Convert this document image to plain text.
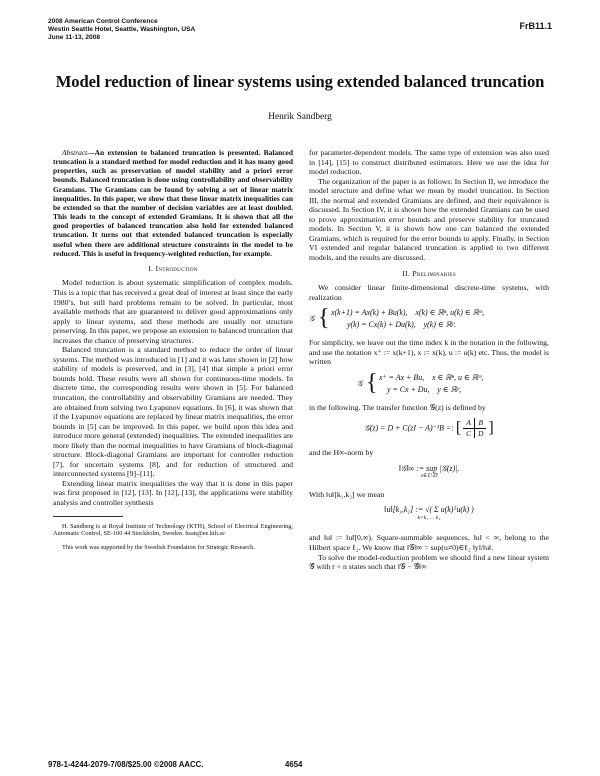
2008 American Control Conference
Westin Seattle Hotel, Seattle, Washington, USA
June 11-13, 2008
FrB11.1
Model reduction of linear systems using extended balanced truncation
Henrik Sandberg

Abstract—An extension to balanced truncation is presented. Balanced truncation is a standard method for model reduction and it has many good properties, such as preservation of model stability and a priori error bounds. Balanced truncation is done using controllability and observability Gramians. The Gramians can be found by solving a set of linear matrix inequalities. In this paper, we show that these linear matrix inequalities can be extended so that the number of decision variables are at least doubled. This leads to the concept of extended Gramians. It is shown that all the good properties of balanced truncation also hold for extended balanced truncation. It turns out that extended balanced truncation is especially useful when there are additional structure constraints in the model to be reduced. This is useful in frequency-weighted reduction, for example.

I. Introduction

Model reduction is about systematic simplification of complex models. This is a topic that has received a great deal of interest at least since the early 1980’s, but still hard problems remain to be solved. In particular, most available methods that are guaranteed to deliver good approximations only apply to linear systems, and these methods are usually not structure preserving. In this paper, we propose an extension to balanced truncation that increases the chance of preserving structures.

Balanced truncation is a standard method to reduce the order of linear systems. The method was introduced in [1] and it was later shown in [2] how stability of models is preserved, and in [3], [4] that simple a priori error bounds hold. These results were all shown for continuous-time models. In discrete time, the corresponding results were shown in [5]. For balanced truncation, the controllability and observability Gramians are needed. They are obtained from solving two Lyapunov equations. In [6], it was shown that if the Lyapunov equations are replaced by linear matrix inequalities, the error bounds in [5] can be improved. In this paper, we build upon this idea and introduce more general (extended) inequalities. The extended inequalities are more likely than the normal inequalities to have Gramians of block-diagonal structure. Block-diagonal Gramians are important for controller reduction [7], for uncertain systems [8], and for reduction of structured and interconnected systems [9]–[11].

Extending linear matrix inequalities the way that it is done in this paper was first proposed in [12], [13]. In [12], [13], the applications were stability analysis and controller synthesis

H. Sandberg is at Royal Institute of Technology (KTH), School of Electrical Engineering, Automatic Control, SE-100 44 Stockholm, Sweden. hsan@ee.kth.se

This work was supported by the Swedish Foundation for Strategic Research.

for parameter-dependent models. The same type of extension was also used in [14], [15] to construct distributed estimators. Here we use the idea for model reduction.

The organization of the paper is as follows: In Section II, we introduce the model structure and define what we mean by model truncation. In Section III, the normal and extended Gramians are defined, and their equivalence is discussed. In Section IV, it is shown how the extended Gramians can be used to prove approximation error bounds and preserve stability for truncated models. In Section V, it is shown how one can balanced the extended Gramians, which is required for the error bounds to apply. Finally, in Section VI extended and regular balanced truncation is applied to two different models, and the results are discussed.

II. Preliminaries

We consider linear finite-dimensional discrete-time systems, with realization

𝒢 { x(k+1) = Ax(k) + Bu(k),    x(k) ∈ ℝⁿ, u(k) ∈ ℝᵐ,
y(k) = Cx(k) + Du(k),    y(k) ∈ ℝᵖ.

For simplicity, we leave out the time index k in the notation in the following, and use the notation x⁺ := x(k+1), x := x(k), u := u(k) etc. Thus, the model is written

𝒢 { x⁺ = Ax + Bu,    x ∈ ℝⁿ, u ∈ ℝᵐ,
y = Cx + Du,    y ∈ ℝᵖ,

in the following. The transfer function 𝒢(z) is defined by

𝒢(z) = D + C(zI − A)⁻¹B =: [ A	B
C	D ]

and the H∞-norm by

‖𝒢‖∞ := sup |𝒢(z)|.
z∈ℂ\𝔻

With ‖u‖[k₁,k₂] we mean

‖u‖[k₁,k₂] := √( Σ u(k)ᵀu(k) )
k=k₁ … k₂

and ‖u‖ := ‖u‖[0,∞). Square-summable sequences, ‖u‖ < ∞, belong to the Hilbert space ℓ₂. We know that ‖𝒢‖∞ = sup(u≠0)∈ℓ₂ ‖y‖/‖u‖.

To solve the model-reduction problem we should find a new linear system 𝒢̂ with r < n states such that ‖𝒢 − 𝒢̂‖∞

978-1-4244-2079-7/08/$25.00 ©2008 AACC.	4654
